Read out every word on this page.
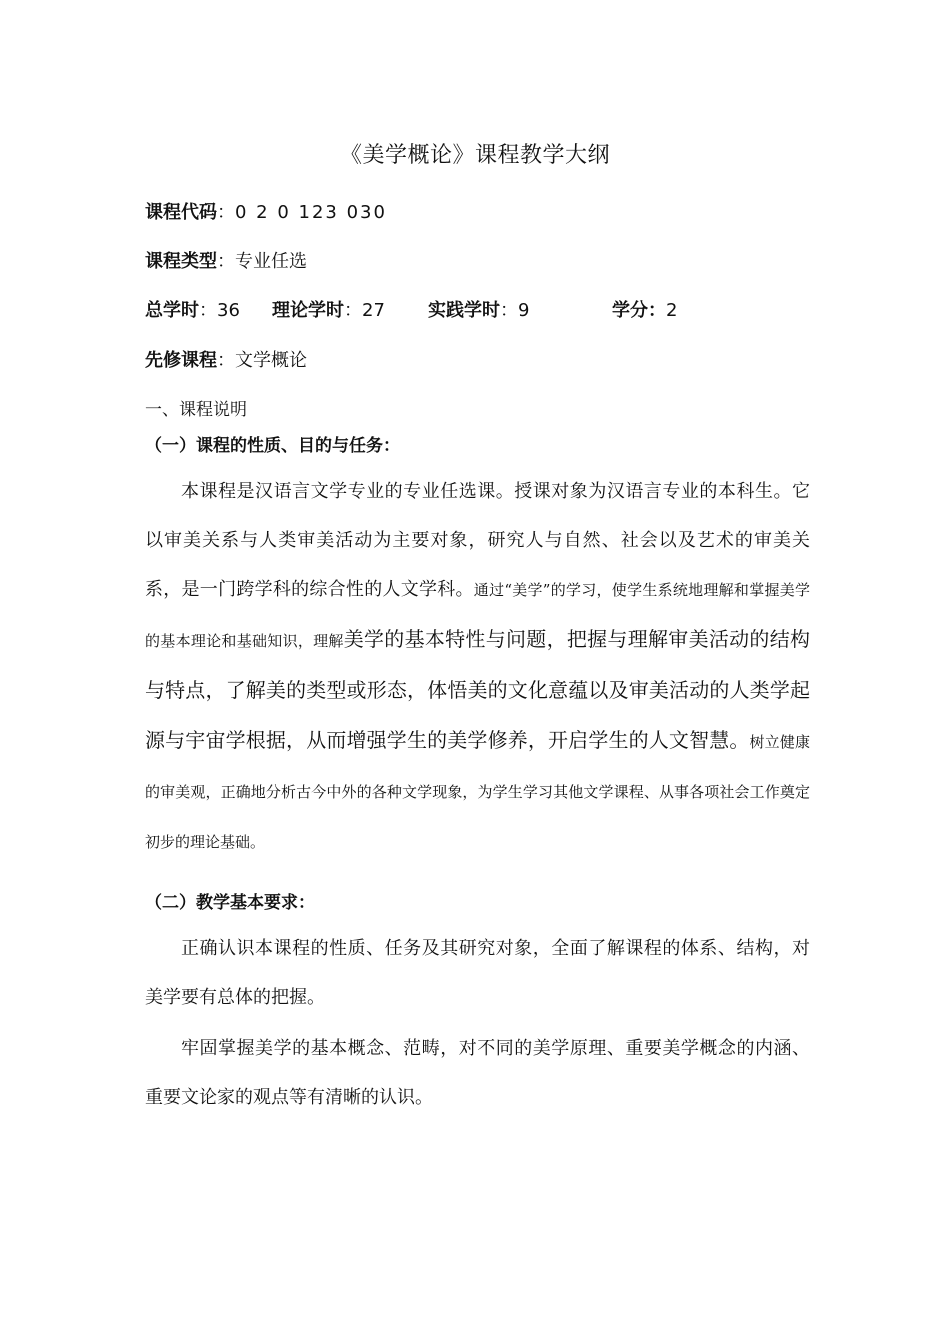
《美学概论》课程教学大纲
课程代码：0 2 0 123 030
课程类型：专业任选
总学时：36 理论学时：27 实践学时：9	学分：2
先修课程：文学概论
一、课程说明
（一）课程的性质、目的与任务：
本课程是汉语言文学专业的专业任选课。授课对象为汉语言专业的本科生。它以审美关系与人类审美活动为主要对象，研究人与自然、社会以及艺术的审美关系，是一门跨学科的综合性的人文学科。通过“美学”的学习，使学生系统地理解和掌握美学的基本理论和基础知识，理解美学的基本特性与问题，把握与理解审美活动的结构与特点，了解美的类型或形态，体悟美的文化意蕴以及审美活动的人类学起源与宇宙学根据，从而增强学生的美学修养，开启学生的人文智慧。树立健康的审美观，正确地分析古今中外的各种文学现象，为学生学习其他文学课程、从事各项社会工作奠定初步的理论基础。
（二）教学基本要求：
正确认识本课程的性质、任务及其研究对象，全面了解课程的体系、结构，对美学要有总体的把握。
牢固掌握美学的基本概念、范畴，对不同的美学原理、重要美学概念的内涵、重要文论家的观点等有清晰的认识。
